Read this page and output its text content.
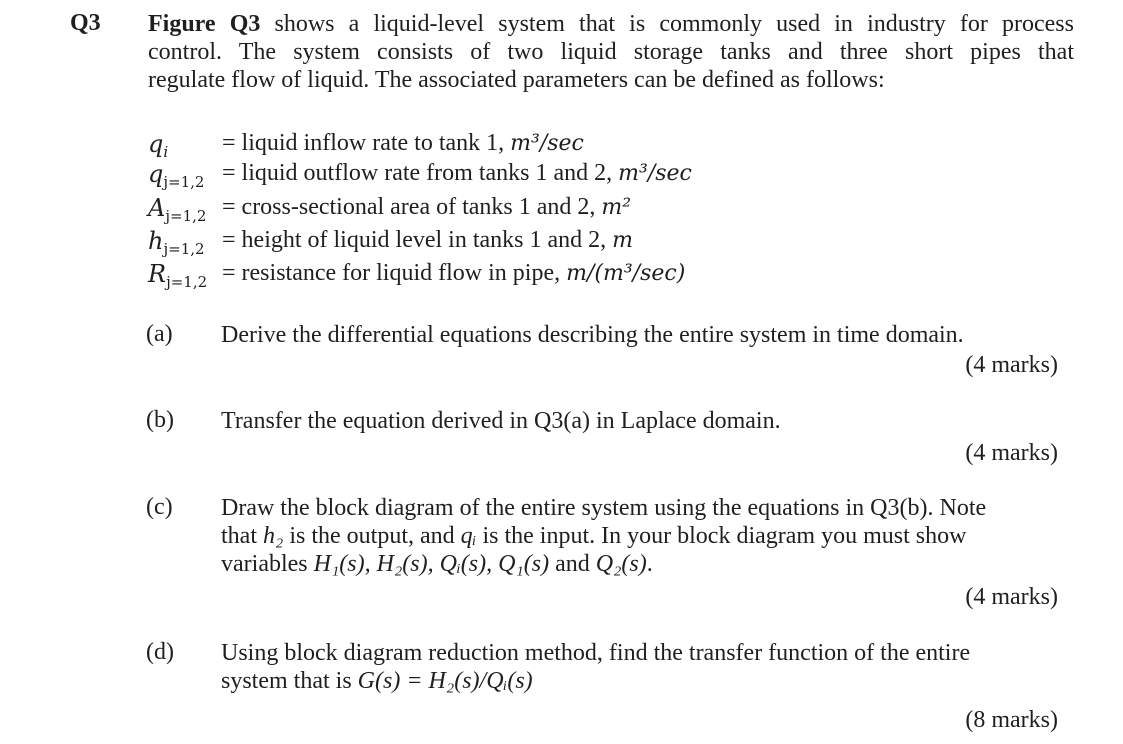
Q3 Figure Q3 shows a liquid-level system that is commonly used in industry for process
control. The system consists of two liquid storage tanks and three short pipes that
regulate flow of liquid. The associated parameters can be defined as follows:
$q_i$ = liquid inflow rate to tank 1, m³/sec
$q_{j=1,2}$ = liquid outflow rate from tanks 1 and 2, m³/sec
$A_{j=1,2}$ = cross-sectional area of tanks 1 and 2, m²
$h_{j=1,2}$ = height of liquid level in tanks 1 and 2, m
$R_{j=1,2}$ = resistance for liquid flow in pipe, m/(m³/sec)
(a) Derive the differential equations describing the entire system in time domain.
(4 marks)
(b) Transfer the equation derived in Q3(a) in Laplace domain.
(4 marks)
(c) Draw the block diagram of the entire system using the equations in Q3(b). Note
that h₂ is the output, and qᵢ is the input. In your block diagram you must show
variables H₁(s), H₂(s), Qᵢ(s), Q₁(s) and Q₂(s).
(4 marks)
(d) Using block diagram reduction method, find the transfer function of the entire
system that is G(s) = H₂(s)/Qᵢ(s)
(8 marks)
